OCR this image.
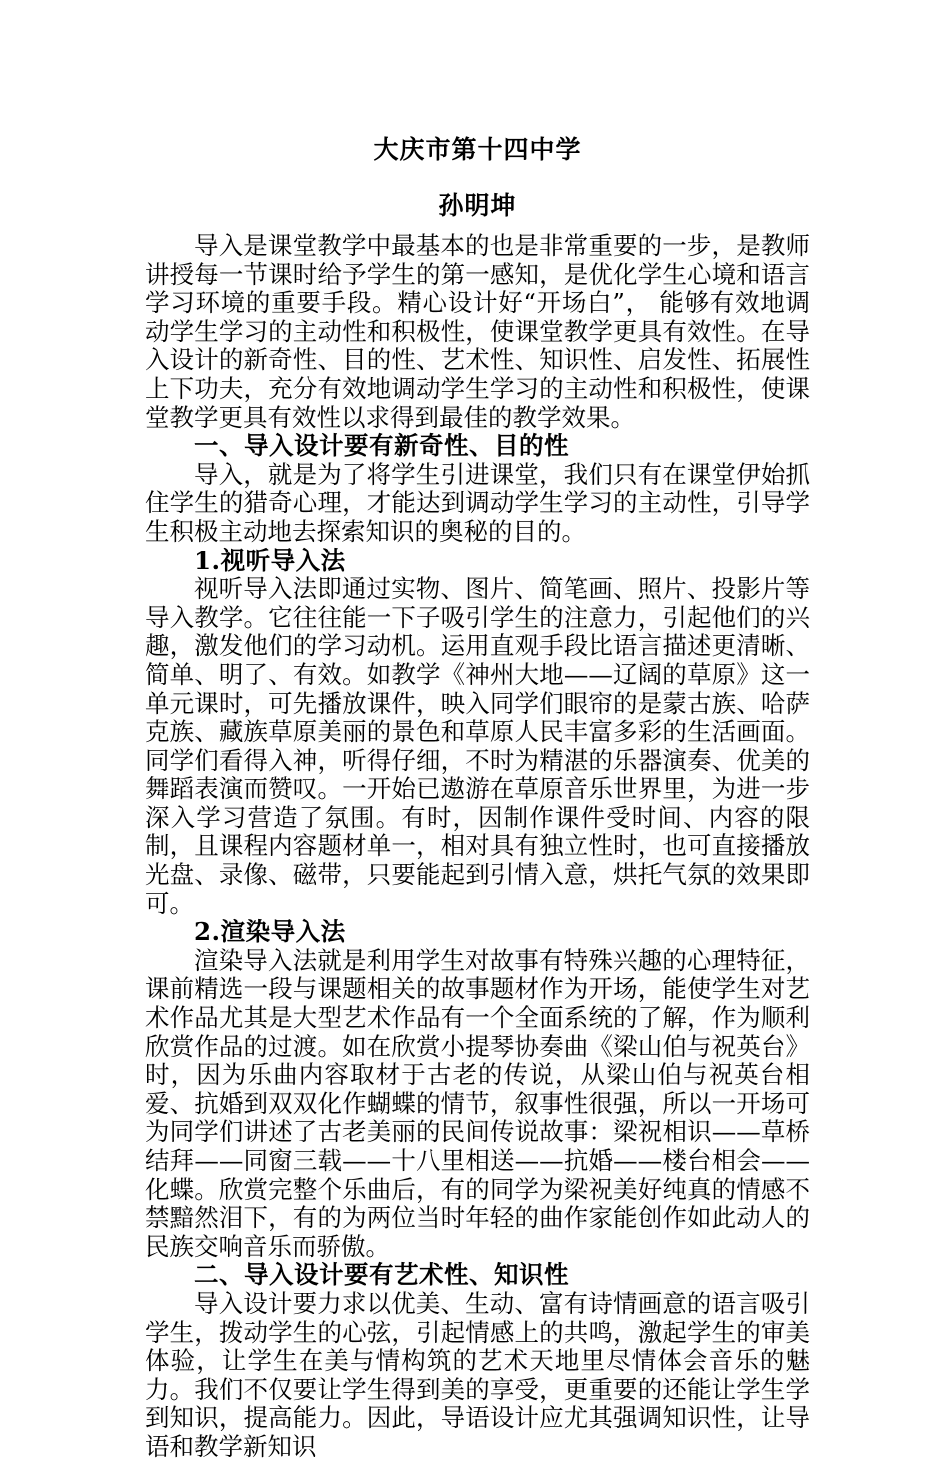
大庆市第十四中学
孙明坤

导入是课堂教学中最基本的也是非常重要的一步，是教师讲授每一节课时给予学生的第一感知，是优化学生心境和语言学习环境的重要手段。精心设计好“开场白”， 能够有效地调动学生学习的主动性和积极性，使课堂教学更具有效性。在导入设计的新奇性、目的性、艺术性、知识性、启发性、拓展性上下功夫，充分有效地调动学生学习的主动性和积极性，使课堂教学更具有效性以求得到最佳的教学效果。

一、导入设计要有新奇性、目的性

导入，就是为了将学生引进课堂，我们只有在课堂伊始抓住学生的猎奇心理，才能达到调动学生学习的主动性，引导学生积极主动地去探索知识的奥秘的目的。

1.视听导入法

视听导入法即通过实物、图片、简笔画、照片、投影片等导入教学。它往往能一下子吸引学生的注意力，引起他们的兴趣，激发他们的学习动机。运用直观手段比语言描述更清晰、简单、明了、有效。如教学《神州大地——辽阔的草原》这一单元课时，可先播放课件，映入同学们眼帘的是蒙古族、哈萨克族、藏族草原美丽的景色和草原人民丰富多彩的生活画面。同学们看得入神，听得仔细，不时为精湛的乐器演奏、优美的舞蹈表演而赞叹。一开始已遨游在草原音乐世界里，为进一步深入学习营造了氛围。有时，因制作课件受时间、内容的限制，且课程内容题材单一，相对具有独立性时，也可直接播放光盘、录像、磁带，只要能起到引情入意，烘托气氛的效果即可。

2.渲染导入法

渲染导入法就是利用学生对故事有特殊兴趣的心理特征，课前精选一段与课题相关的故事题材作为开场，能使学生对艺术作品尤其是大型艺术作品有一个全面系统的了解，作为顺利欣赏作品的过渡。如在欣赏小提琴协奏曲《梁山伯与祝英台》时，因为乐曲内容取材于古老的传说，从梁山伯与祝英台相爱、抗婚到双双化作蝴蝶的情节，叙事性很强，所以一开场可为同学们讲述了古老美丽的民间传说故事：梁祝相识——草桥结拜——同窗三载——十八里相送——抗婚——楼台相会——化蝶。欣赏完整个乐曲后，有的同学为梁祝美好纯真的情感不禁黯然泪下，有的为两位当时年轻的曲作家能创作如此动人的民族交响音乐而骄傲。

二、导入设计要有艺术性、知识性

导入设计要力求以优美、生动、富有诗情画意的语言吸引学生，拨动学生的心弦，引起情感上的共鸣，激起学生的审美体验，让学生在美与情构筑的艺术天地里尽情体会音乐的魅力。我们不仅要让学生得到美的享受，更重要的还能让学生学到知识，提高能力。因此，导语设计应尤其强调知识性，让导语和教学新知识
